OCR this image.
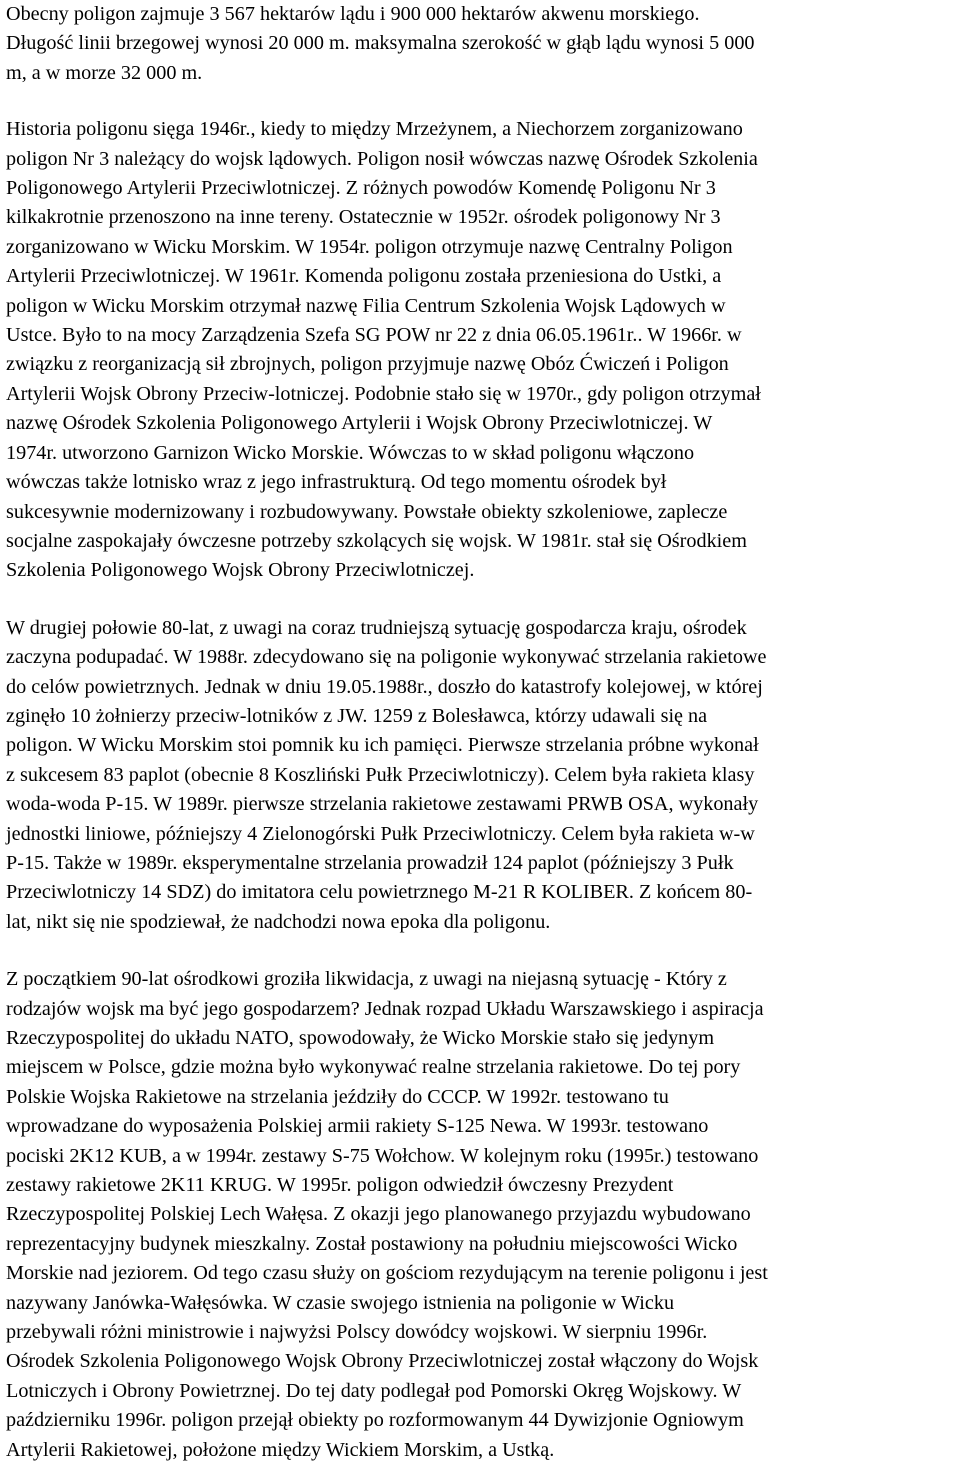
Obecny poligon zajmuje 3 567 hektarów lądu i 900 000 hektarów akwenu morskiego.
Długość linii brzegowej wynosi 20 000 m. maksymalna szerokość w głąb lądu wynosi 5 000
m, a w morze 32 000 m.

Historia poligonu sięga 1946r., kiedy to między Mrzeżynem, a Niechorzem zorganizowano
poligon Nr 3 należący do wojsk lądowych. Poligon nosił wówczas nazwę Ośrodek Szkolenia
Poligonowego Artylerii Przeciwlotniczej. Z różnych powodów Komendę Poligonu Nr 3
kilkakrotnie przenoszono na inne tereny. Ostatecznie w 1952r. ośrodek poligonowy Nr 3
zorganizowano w Wicku Morskim. W 1954r. poligon otrzymuje nazwę Centralny Poligon
Artylerii Przeciwlotniczej. W 1961r. Komenda poligonu została przeniesiona do Ustki, a
poligon w Wicku Morskim otrzymał nazwę Filia Centrum Szkolenia Wojsk Lądowych w
Ustce. Było to na mocy Zarządzenia Szefa SG POW nr 22 z dnia 06.05.1961r.. W 1966r. w
związku z reorganizacją sił zbrojnych, poligon przyjmuje nazwę Obóz Ćwiczeń i Poligon
Artylerii Wojsk Obrony Przeciw-lotniczej. Podobnie stało się w 1970r., gdy poligon otrzymał
nazwę Ośrodek Szkolenia Poligonowego Artylerii i Wojsk Obrony Przeciwlotniczej. W
1974r. utworzono Garnizon Wicko Morskie. Wówczas to w skład poligonu włączono
wówczas także lotnisko wraz z jego infrastrukturą. Od tego momentu ośrodek był
sukcesywnie modernizowany i rozbudowywany. Powstałe obiekty szkoleniowe, zaplecze
socjalne zaspokajały ówczesne potrzeby szkolących się wojsk. W 1981r. stał się Ośrodkiem
Szkolenia Poligonowego Wojsk Obrony Przeciwlotniczej.

W drugiej połowie 80-lat, z uwagi na coraz trudniejszą sytuację gospodarcza kraju, ośrodek
zaczyna podupadać. W 1988r. zdecydowano się na poligonie wykonywać strzelania rakietowe
do celów powietrznych. Jednak w dniu 19.05.1988r., doszło do katastrofy kolejowej, w której
zginęło 10 żołnierzy przeciw-lotników z JW. 1259 z Bolesławca, którzy udawali się na
poligon. W Wicku Morskim stoi pomnik ku ich pamięci. Pierwsze strzelania próbne wykonał
z sukcesem 83 paplot (obecnie 8 Koszliński Pułk Przeciwlotniczy). Celem była rakieta klasy
woda-woda P-15. W 1989r. pierwsze strzelania rakietowe zestawami PRWB OSA, wykonały
jednostki liniowe, późniejszy 4 Zielonogórski Pułk Przeciwlotniczy. Celem była rakieta w-w
P-15. Także w 1989r. eksperymentalne strzelania prowadził 124 paplot (późniejszy 3 Pułk
Przeciwlotniczy 14 SDZ) do imitatora celu powietrznego M-21 R KOLIBER. Z końcem 80-
lat, nikt się nie spodziewał, że nadchodzi nowa epoka dla poligonu.

Z początkiem 90-lat ośrodkowi groziła likwidacja, z uwagi na niejasną sytuację - Który z
rodzajów wojsk ma być jego gospodarzem? Jednak rozpad Układu Warszawskiego i aspiracja
Rzeczypospolitej do układu NATO, spowodowały, że Wicko Morskie stało się jedynym
miejscem w Polsce, gdzie można było wykonywać realne strzelania rakietowe. Do tej pory
Polskie Wojska Rakietowe na strzelania jeździły do CCCP. W 1992r. testowano tu
wprowadzane do wyposażenia Polskiej armii rakiety S-125 Newa. W 1993r. testowano
pociski 2K12 KUB, a w 1994r. zestawy S-75 Wołchow. W kolejnym roku (1995r.) testowano
zestawy rakietowe 2K11 KRUG. W 1995r. poligon odwiedził ówczesny Prezydent
Rzeczypospolitej Polskiej Lech Wałęsa. Z okazji jego planowanego przyjazdu wybudowano
reprezentacyjny budynek mieszkalny. Został postawiony na południu miejscowości Wicko
Morskie nad jeziorem. Od tego czasu służy on gościom rezydującym na terenie poligonu i jest
nazywany Janówka-Wałęsówka. W czasie swojego istnienia na poligonie w Wicku
przebywali różni ministrowie i najwyżsi Polscy dowódcy wojskowi. W sierpniu 1996r.
Ośrodek Szkolenia Poligonowego Wojsk Obrony Przeciwlotniczej został włączony do Wojsk
Lotniczych i Obrony Powietrznej. Do tej daty podlegał pod Pomorski Okręg Wojskowy. W
październiku 1996r. poligon przejął obiekty po rozformowanym 44 Dywizjonie Ogniowym
Artylerii Rakietowej, położone między Wickiem Morskim, a Ustką.
